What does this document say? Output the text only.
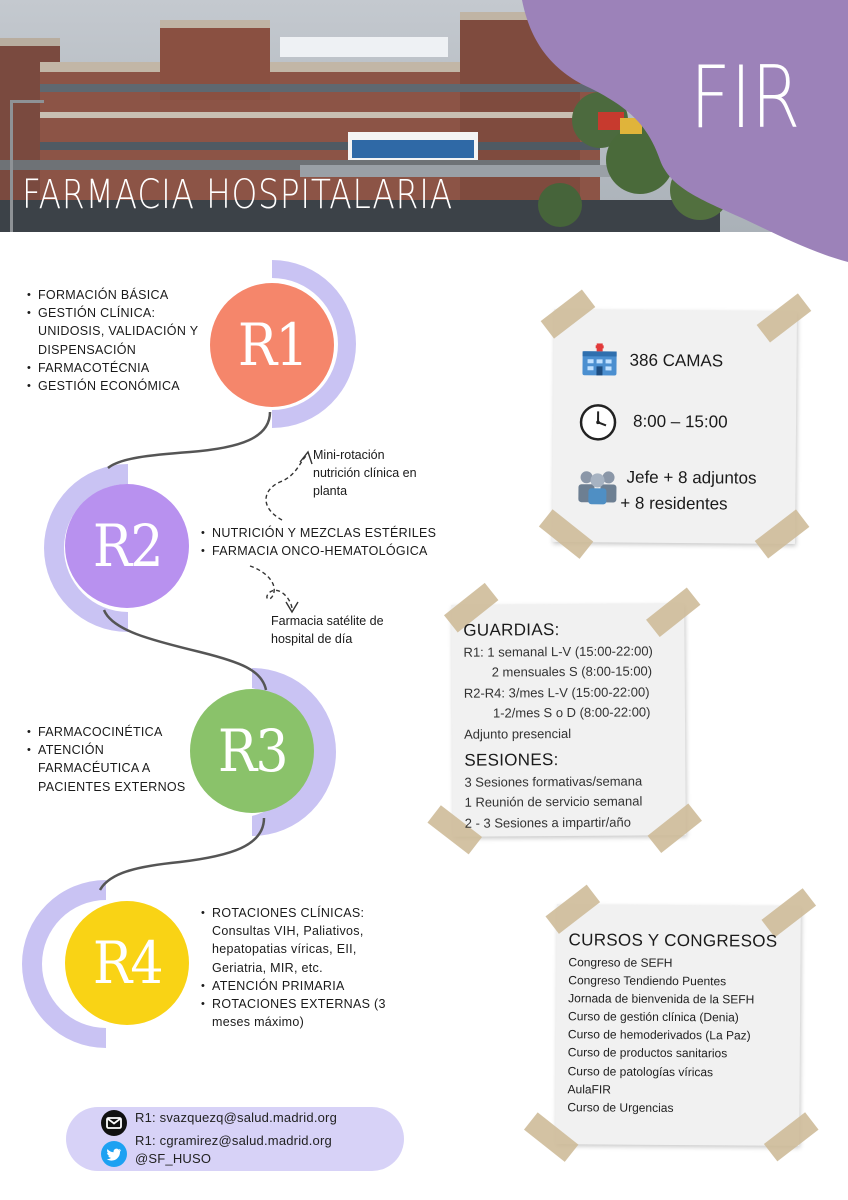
FARMACIA HOSPITALARIA
FIR
R1
R2
R3
R4
• FORMACIÓN BÁSICA
• GESTIÓN CLÍNICA: UNIDOSIS, VALIDACIÓN Y DISPENSACIÓN
• FARMACOTÉCNIA
• GESTIÓN ECONÓMICA
• NUTRICIÓN Y MEZCLAS ESTÉRILES
• FARMACIA ONCO-HEMATOLÓGICA
• FARMACOCINÉTICA
• ATENCIÓN FARMACÉUTICA A PACIENTES EXTERNOS
• ROTACIONES CLÍNICAS: Consultas VIH, Paliativos, hepatopatias víricas, EII, Geriatria, MIR, etc.
• ATENCIÓN PRIMARIA
• ROTACIONES EXTERNAS (3 meses máximo)
Mini-rotación nutrición clínica en planta
Farmacia satélite de hospital de día
386 CAMAS
8:00 – 15:00
Jefe + 8 adjuntos
+ 8 residentes
GUARDIAS:
R1: 1 semanal L-V (15:00-22:00)
2 mensuales S (8:00-15:00)
R2-R4: 3/mes L-V (15:00-22:00)
1-2/mes S o D (8:00-22:00)
Adjunto presencial
SESIONES:
3 Sesiones formativas/semana
1 Reunión de servicio semanal
2 - 3 Sesiones a impartir/año
CURSOS Y CONGRESOS
Congreso de SEFH
Congreso Tendiendo Puentes
Jornada de bienvenida de la SEFH
Curso de gestión clínica (Denia)
Curso de hemoderivados (La Paz)
Curso de productos sanitarios
Curso de patologías víricas
AulaFIR
Curso de Urgencias
R1: svazquezq@salud.madrid.org
R1: cgramirez@salud.madrid.org
@SF_HUSO
